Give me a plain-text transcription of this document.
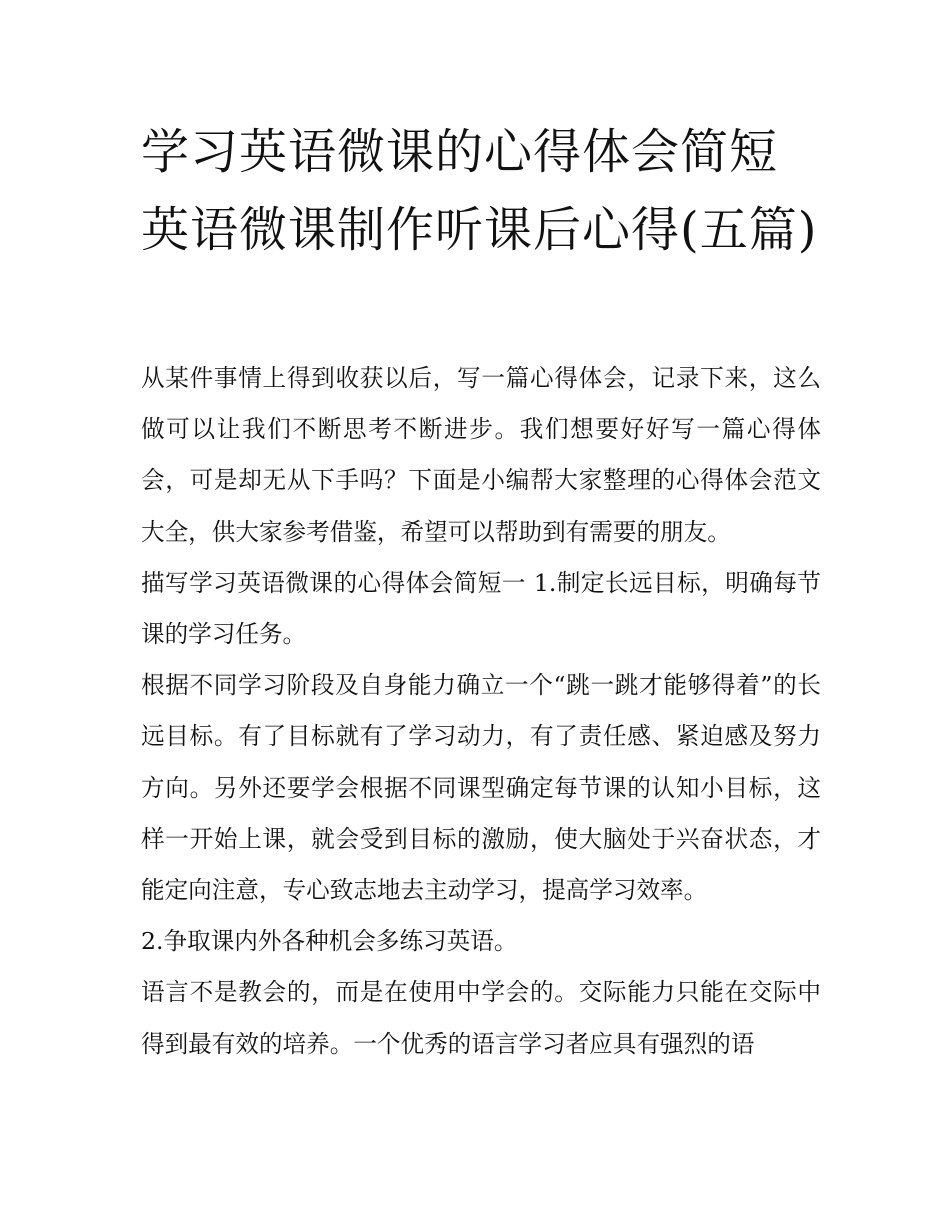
学习英语微课的心得体会简短英语微课制作听课后心得(五篇)

从某件事情上得到收获以后，写一篇心得体会，记录下来，这么做可以让我们不断思考不断进步。我们想要好好写一篇心得体会，可是却无从下手吗？下面是小编帮大家整理的心得体会范文大全，供大家参考借鉴，希望可以帮助到有需要的朋友。

描写学习英语微课的心得体会简短一 1.制定长远目标，明确每节课的学习任务。

根据不同学习阶段及自身能力确立一个“跳一跳才能够得着”的长远目标。有了目标就有了学习动力，有了责任感、紧迫感及努力方向。另外还要学会根据不同课型确定每节课的认知小目标，这样一开始上课，就会受到目标的激励，使大脑处于兴奋状态，才能定向注意，专心致志地去主动学习，提高学习效率。

2.争取课内外各种机会多练习英语。

语言不是教会的，而是在使用中学会的。交际能力只能在交际中得到最有效的培养。一个优秀的语言学习者应具有强烈的语
